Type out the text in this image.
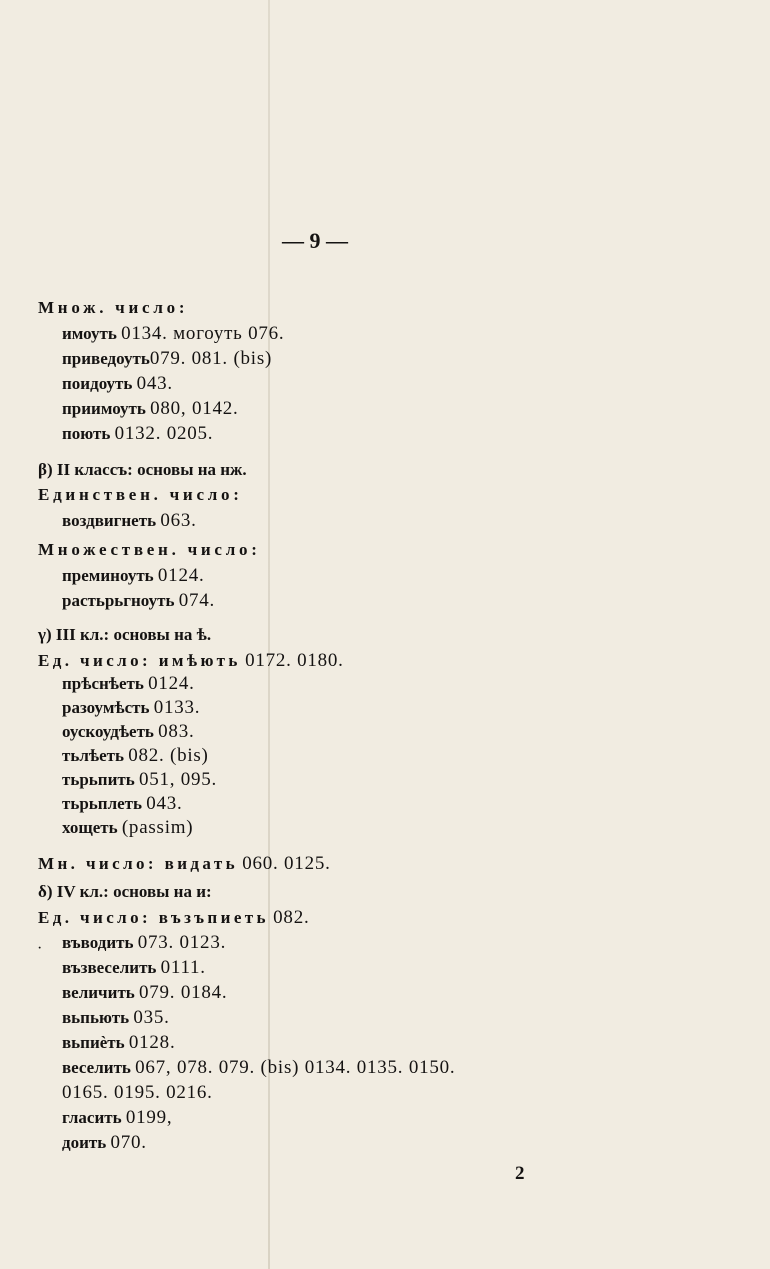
— 9 —
Множ. число:
имоуть 0134. могоуть 076.
приведоуть079. 081. (bis)
поидоуть 043.
приимоуть 080, 0142.
поють 0132. 0205.
β) II классъ: основы на нж.
Единствен. число:
воздвигнеть 063.
Множествен. число:
преминоуть 0124.
растьрьгноуть 074.
γ) III кл.: основы на ѣ.
Ед. число: имѣють 0172. 0180.
прѣснѣеть 0124.
разоумѣсть 0133.
оускоудѣеть 083.
тьлѣеть 082. (bis)
тьрьпить 051, 095.
тьрьплеть 043.
хощеть (passim)
Мн. число: видать 060. 0125.
δ) IV кл.: основы на и:
Ед. число: възъпиеть 082.
· въводить 073. 0123.
възвеселить 0111.
величить 079. 0184.
вьпьють 035.
вьпиѐть 0128.
веселить 067, 078. 079. (bis) 0134. 0135. 0150.
0165. 0195. 0216.
гласить 0199,
доить 070.
2
